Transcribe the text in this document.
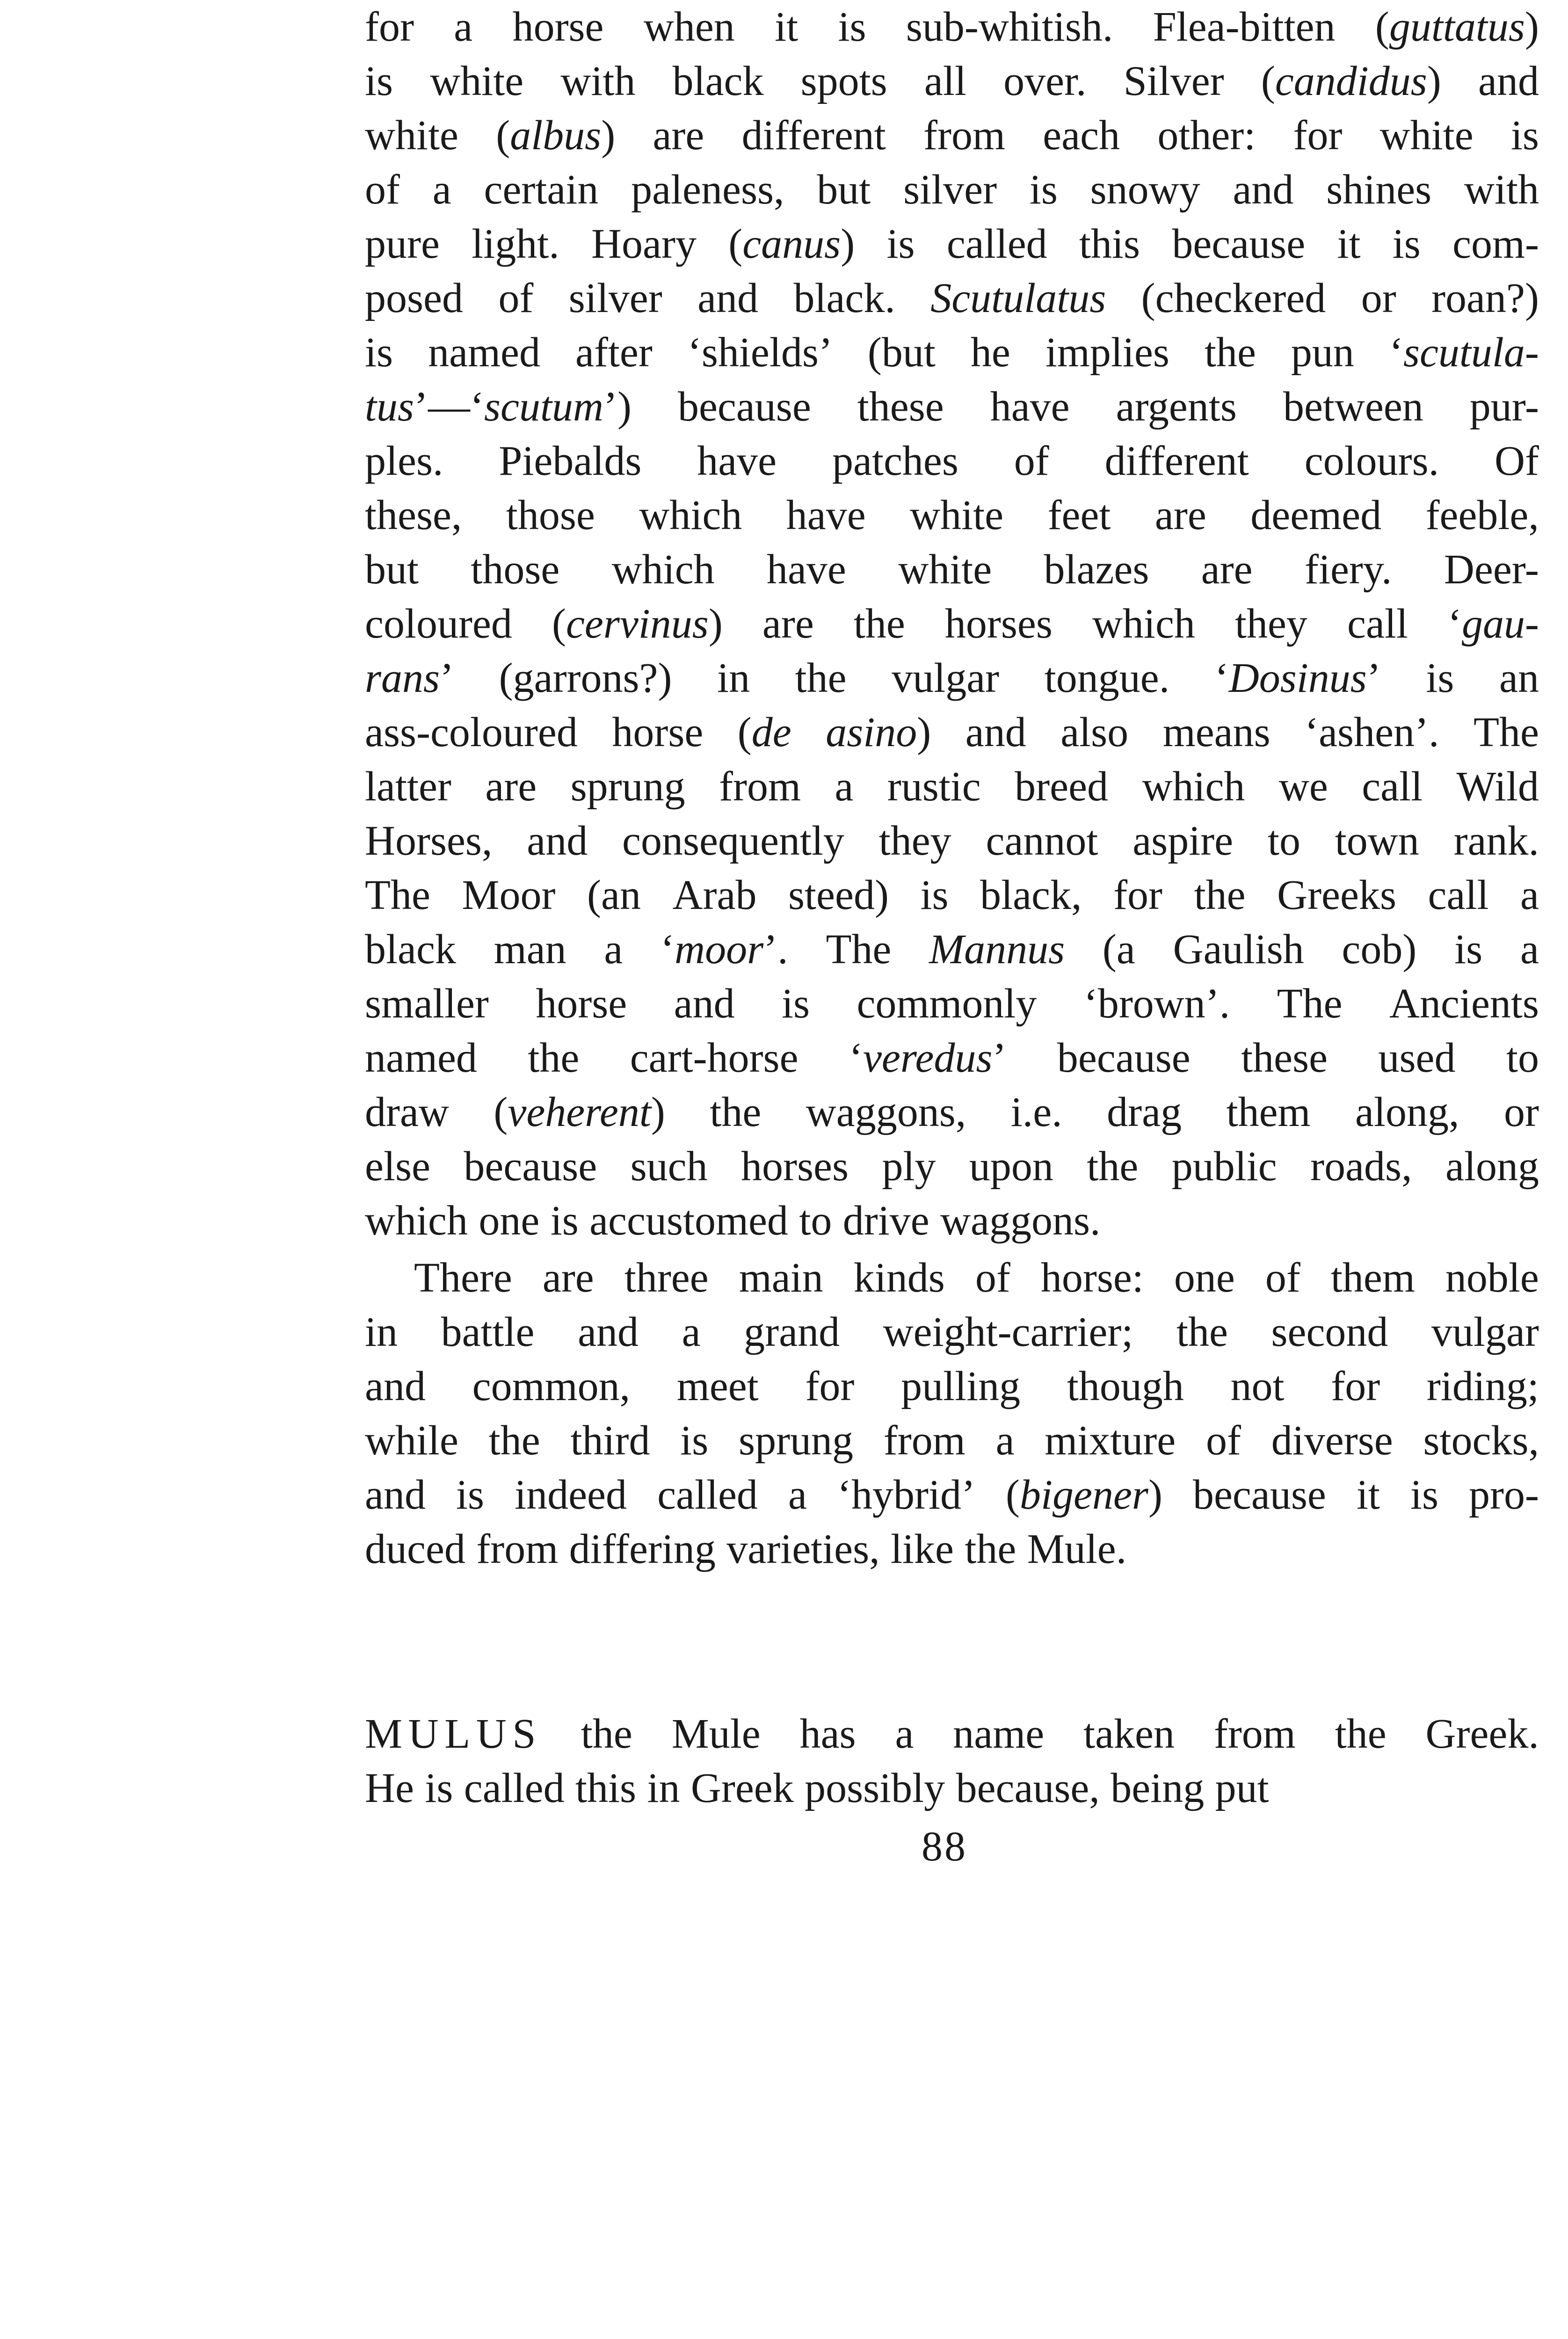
for a horse when it is sub-whitish. Flea-bitten (guttatus)
is white with black spots all over. Silver (candidus) and
white (albus) are different from each other: for white is
of a certain paleness, but silver is snowy and shines with
pure light. Hoary (canus) is called this because it is com-
posed of silver and black. Scutulatus (checkered or roan?)
is named after ‘shields’ (but he implies the pun ‘scutula-
tus’—‘scutum’) because these have argents between pur-
ples. Piebalds have patches of different colours. Of
these, those which have white feet are deemed feeble,
but those which have white blazes are fiery. Deer-
coloured (cervinus) are the horses which they call ‘gau-
rans’ (garrons?) in the vulgar tongue. ‘Dosinus’ is an
ass-coloured horse (de asino) and also means ‘ashen’. The
latter are sprung from a rustic breed which we call Wild
Horses, and consequently they cannot aspire to town rank.
The Moor (an Arab steed) is black, for the Greeks call a
black man a ‘moor’. The Mannus (a Gaulish cob) is a
smaller horse and is commonly ‘brown’. The Ancients
named the cart-horse ‘veredus’ because these used to
draw (veherent) the waggons, i.e. drag them along, or
else because such horses ply upon the public roads, along
which one is accustomed to drive waggons.
There are three main kinds of horse: one of them noble
in battle and a grand weight-carrier; the second vulgar
and common, meet for pulling though not for riding;
while the third is sprung from a mixture of diverse stocks,
and is indeed called a ‘hybrid’ (bigener) because it is pro-
duced from differing varieties, like the Mule.
MULUS the Mule has a name taken from the Greek.
He is called this in Greek possibly because, being put
88
